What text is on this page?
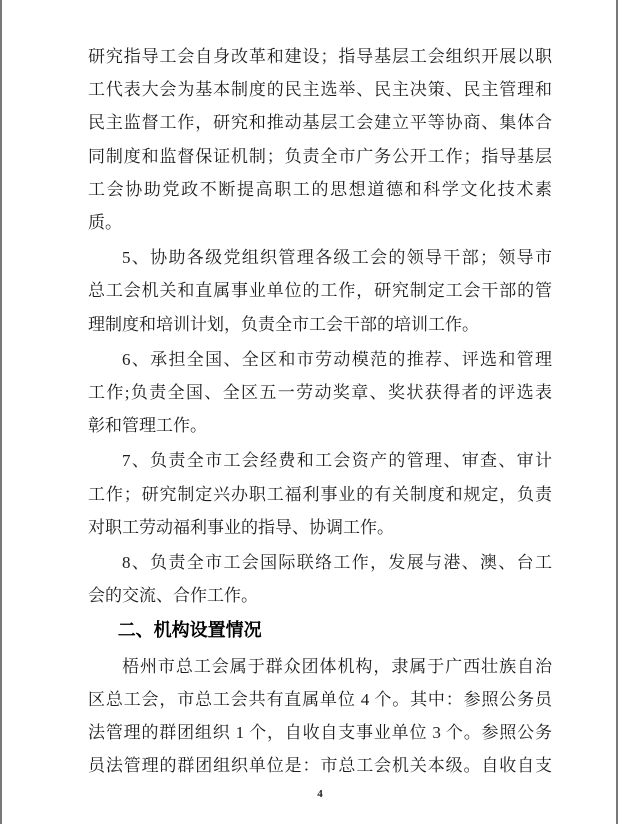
研究指导工会自身改革和建设；指导基层工会组织开展以职
工代表大会为基本制度的民主选举、民主决策、民主管理和
民主监督工作，研究和推动基层工会建立平等协商、集体合
同制度和监督保证机制；负责全市广务公开工作；指导基层
工会协助党政不断提高职工的思想道德和科学文化技术素
质。
5、协助各级党组织管理各级工会的领导干部；领导市
总工会机关和直属事业单位的工作，研究制定工会干部的管
理制度和培训计划，负责全市工会干部的培训工作。
6、承担全国、全区和市劳动模范的推荐、评选和管理
工作;负责全国、全区五一劳动奖章、奖状获得者的评选表
彰和管理工作。
7、负责全市工会经费和工会资产的管理、审查、审计
工作；研究制定兴办职工福利事业的有关制度和规定，负责
对职工劳动福利事业的指导、协调工作。
8、负责全市工会国际联络工作，发展与港、澳、台工
会的交流、合作工作。
二、机构设置情况
梧州市总工会属于群众团体机构，隶属于广西壮族自治
区总工会，市总工会共有直属单位 4 个。其中：参照公务员
法管理的群团组织 1 个，自收自支事业单位 3 个。参照公务
员法管理的群团组织单位是：市总工会机关本级。自收自支
4
